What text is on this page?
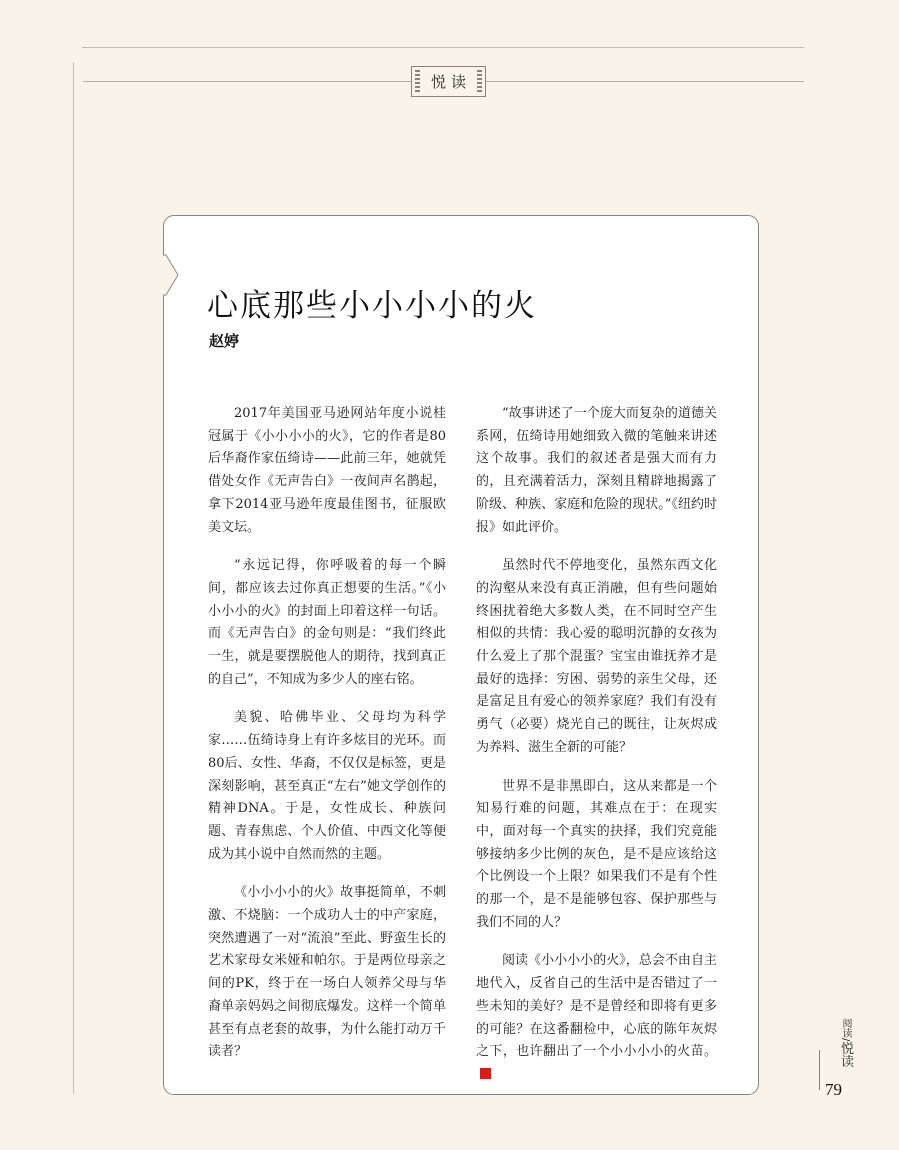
悦读
心底那些小小小小的火

赵婷

2017年美国亚马逊网站年度小说桂冠属于《小小小小的火》，它的作者是80后华裔作家伍绮诗——此前三年，她就凭借处女作《无声告白》一夜间声名鹊起，拿下2014亚马逊年度最佳图书，征服欧美文坛。

“永远记得，你呼吸着的每一个瞬间，都应该去过你真正想要的生活。”《小小小小的火》的封面上印着这样一句话。而《无声告白》的金句则是：“我们终此一生，就是要摆脱他人的期待，找到真正的自己”，不知成为多少人的座右铭。

美貌、哈佛毕业、父母均为科学家……伍绮诗身上有许多炫目的光环。而80后、女性、华裔，不仅仅是标签，更是深刻影响，甚至真正“左右”她文学创作的精神DNA。于是，女性成长、种族问题、青春焦虑、个人价值、中西文化等便成为其小说中自然而然的主题。

《小小小小的火》故事挺简单，不刺激、不烧脑：一个成功人士的中产家庭，突然遭遇了一对“流浪”至此、野蛮生长的艺术家母女米娅和帕尔。于是两位母亲之间的PK，终于在一场白人领养父母与华裔单亲妈妈之间彻底爆发。这样一个简单甚至有点老套的故事，为什么能打动万千读者？

“故事讲述了一个庞大而复杂的道德关系网，伍绮诗用她细致入微的笔触来讲述这个故事。我们的叙述者是强大而有力的，且充满着活力，深刻且精辟地揭露了阶级、种族、家庭和危险的现状。”《纽约时报》如此评价。

虽然时代不停地变化，虽然东西文化的沟壑从来没有真正消融，但有些问题始终困扰着绝大多数人类，在不同时空产生相似的共情：我心爱的聪明沉静的女孩为什么爱上了那个混蛋？宝宝由谁抚养才是最好的选择：穷困、弱势的亲生父母，还是富足且有爱心的领养家庭？我们有没有勇气（必要）烧光自己的既往，让灰烬成为养料、滋生全新的可能？

世界不是非黑即白，这从来都是一个知易行难的问题，其难点在于：在现实中，面对每一个真实的抉择，我们究竟能够接纳多少比例的灰色，是不是应该给这个比例设一个上限？如果我们不是有个性的那一个，是不是能够包容、保护那些与我们不同的人？

阅读《小小小小的火》，总会不由自主地代入，反省自己的生活中是否错过了一些未知的美好？是不是曾经和即将有更多的可能？在这番翻检中，心底的陈年灰烬之下，也许翻出了一个小小小小的火苗。

阅读/悦读
79
